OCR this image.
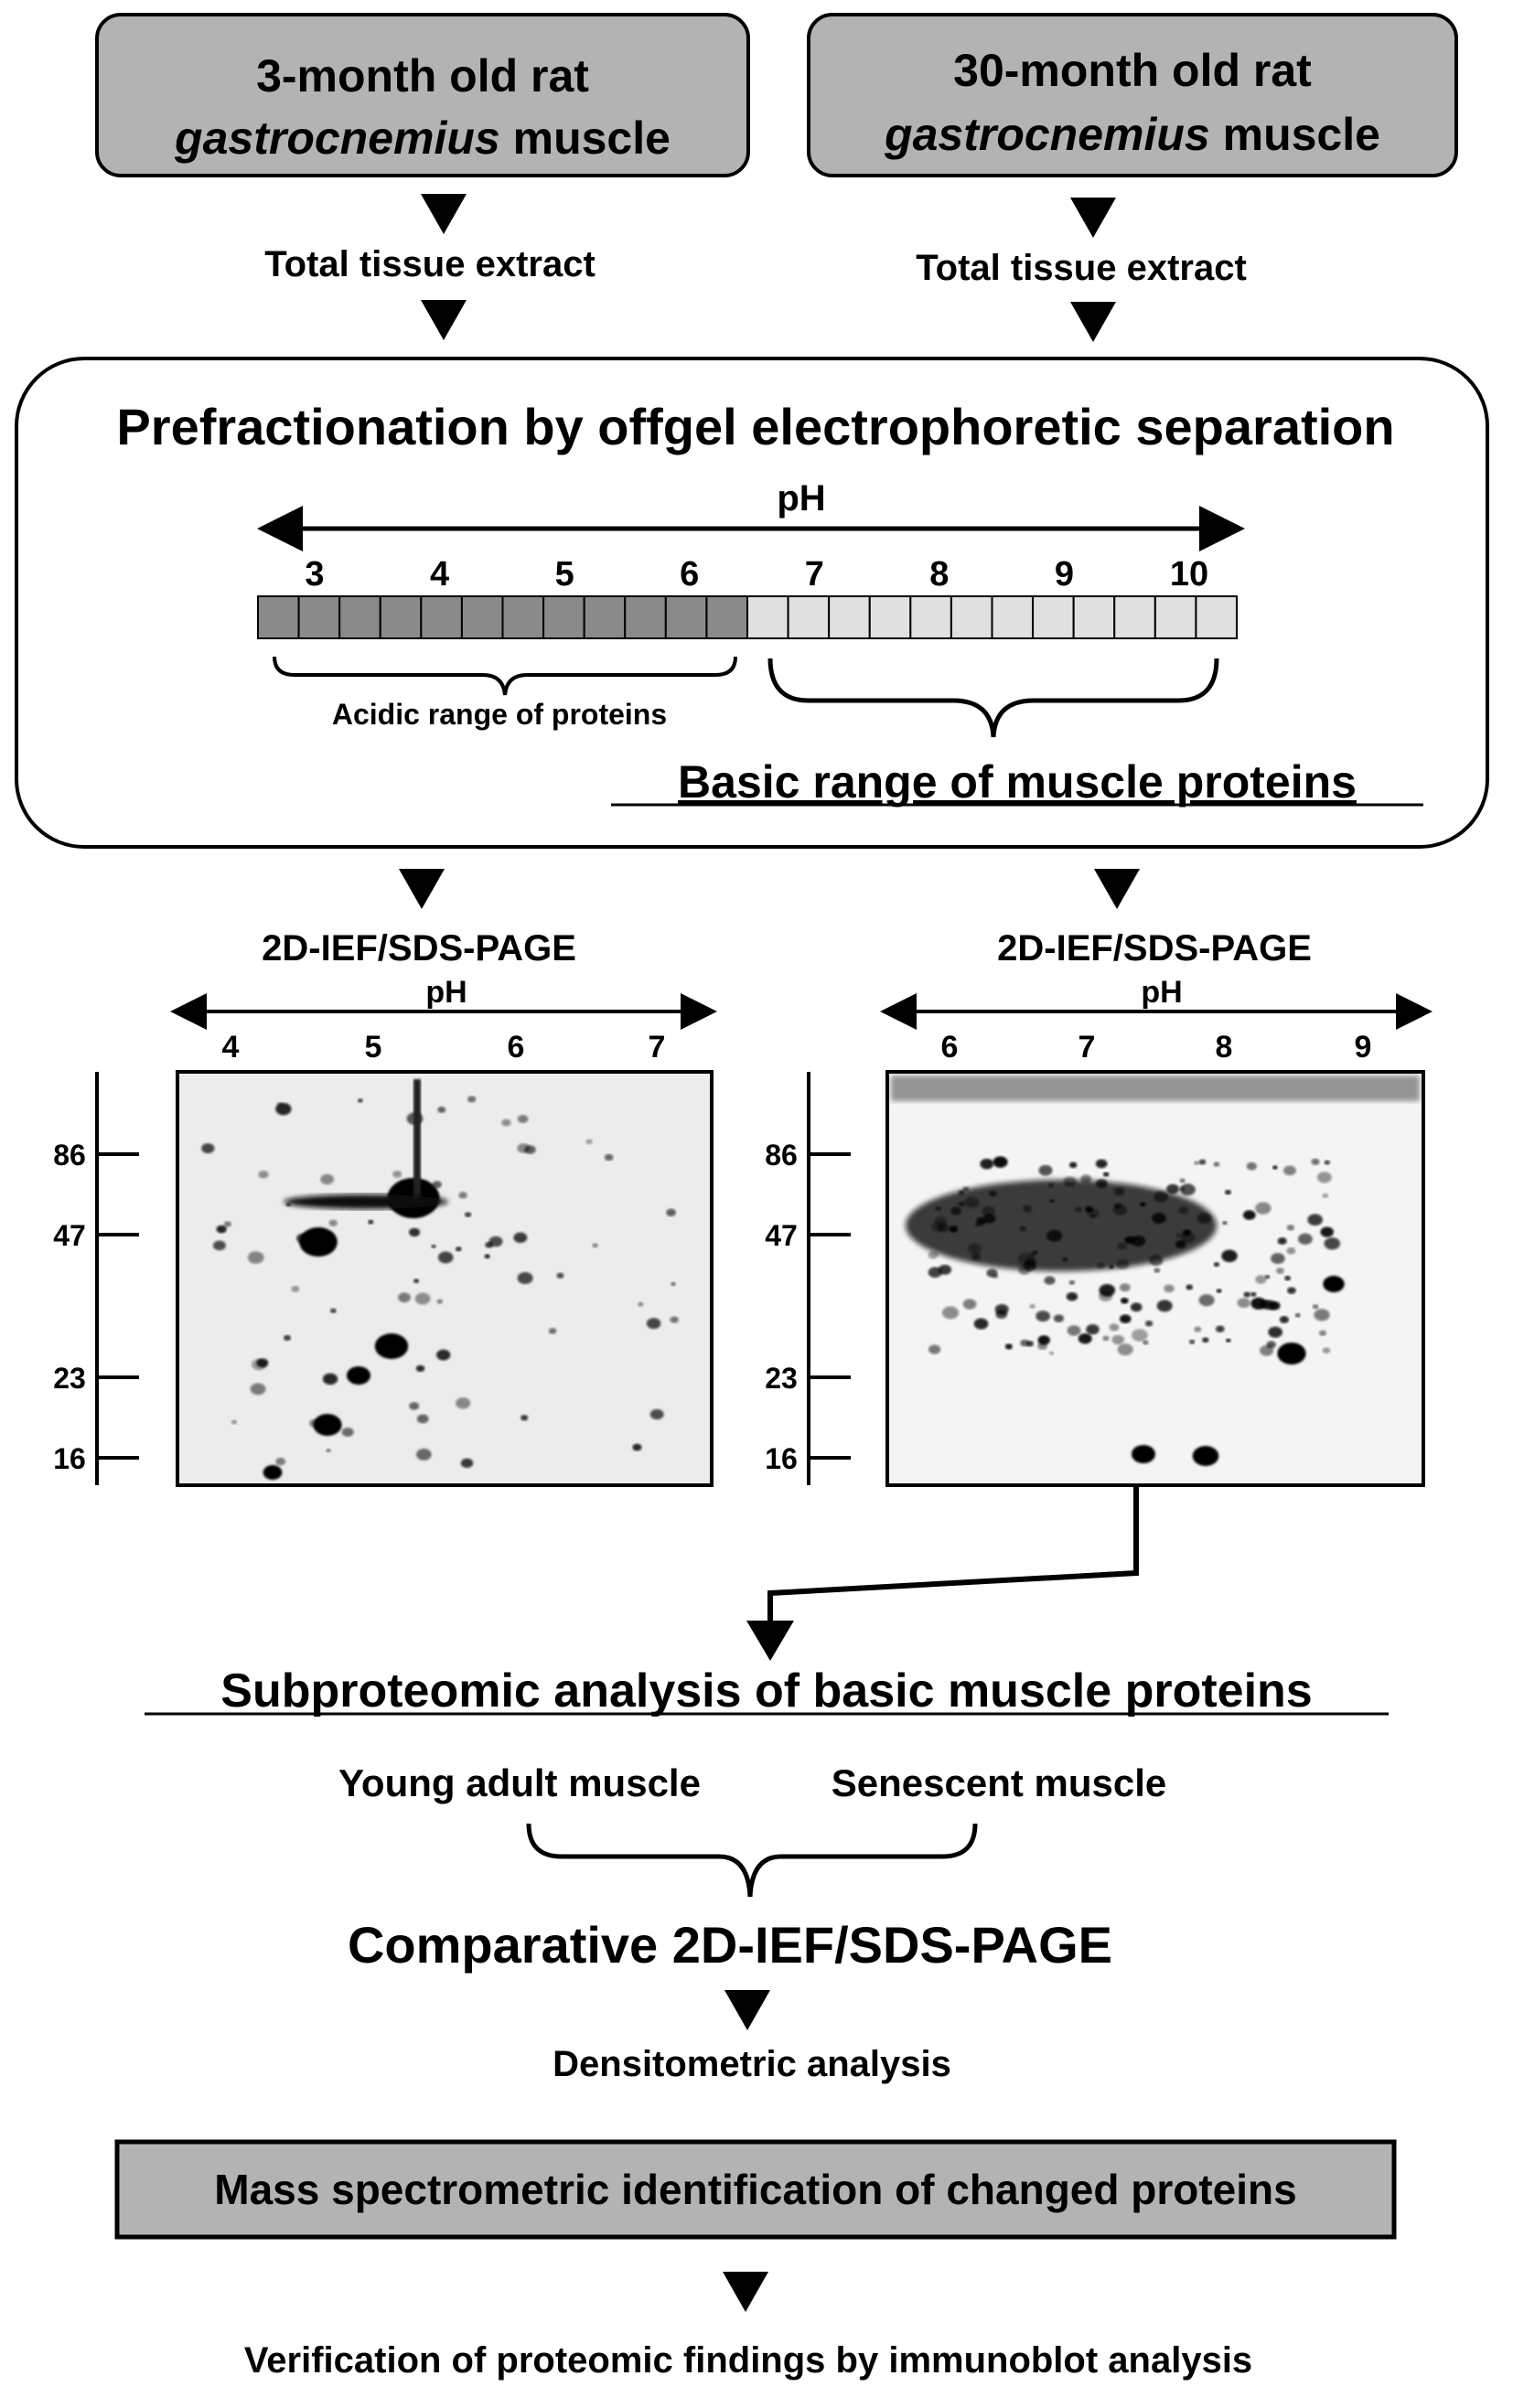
3-month old rat
gastrocnemius muscle
30-month old rat
gastrocnemius muscle
Total tissue extract	Total tissue extract
Prefractionation by offgel electrophoretic separation
pH
3	4	5	6	7	8	9	10
Acidic range of proteins
Basic range of muscle proteins
2D-IEF/SDS-PAGE
pH
4	5	6	7
86
47
23
16
2D-IEF/SDS-PAGE
pH
6	7	8	9
86
47
23
16
Subproteomic analysis of basic muscle proteins
Young adult muscle	Senescent muscle
Comparative 2D-IEF/SDS-PAGE
Densitometric analysis
Mass spectrometric identification of changed proteins
Verification of proteomic findings by immunoblot analysis
